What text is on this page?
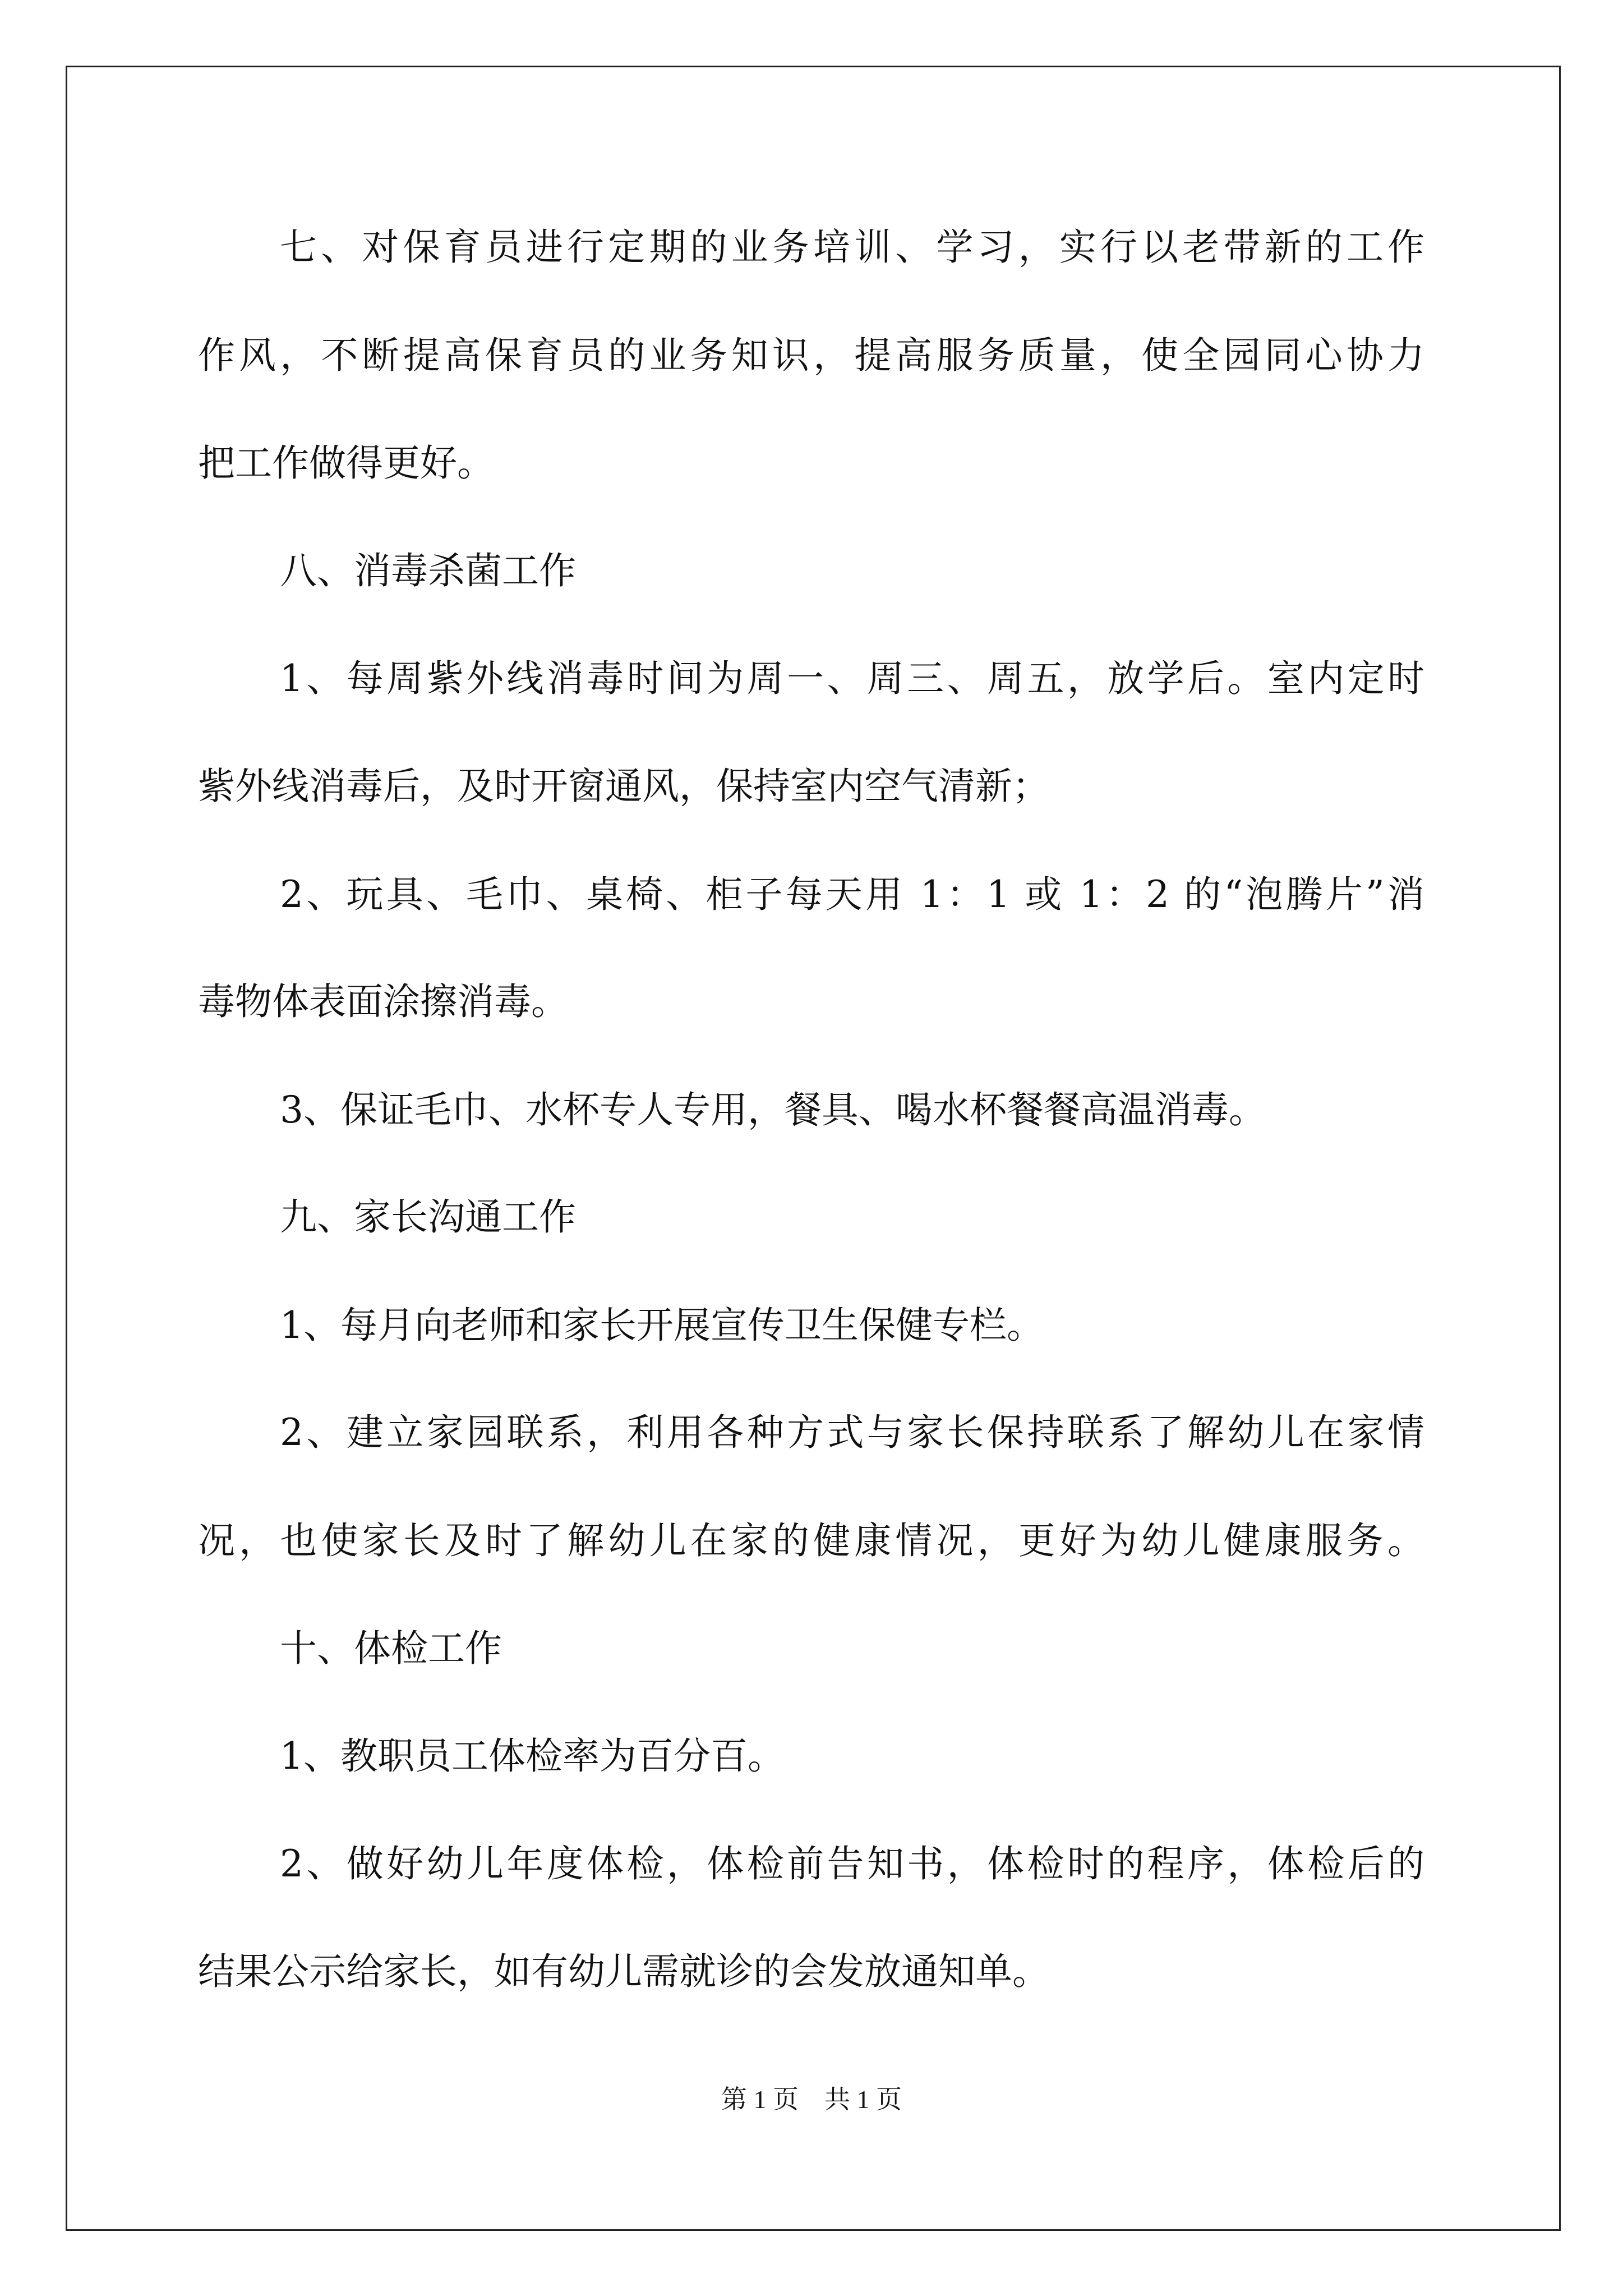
七、对保育员进行定期的业务培训、学习，实行以老带新的工作
作风，不断提高保育员的业务知识，提高服务质量，使全园同心协力
把工作做得更好。
八、消毒杀菌工作
1、每周紫外线消毒时间为周一、周三、周五，放学后。室内定时
紫外线消毒后，及时开窗通风，保持室内空气清新；
2、玩具、毛巾、桌椅、柜子每天用 1：1 或 1：2 的“泡腾片”消
毒物体表面涂擦消毒。
3、保证毛巾、水杯专人专用，餐具、喝水杯餐餐高温消毒。
九、家长沟通工作
1、每月向老师和家长开展宣传卫生保健专栏。
2、建立家园联系，利用各种方式与家长保持联系了解幼儿在家情
况，也使家长及时了解幼儿在家的健康情况，更好为幼儿健康服务。
十、体检工作
1、教职员工体检率为百分百。
2、做好幼儿年度体检，体检前告知书，体检时的程序，体检后的
结果公示给家长，如有幼儿需就诊的会发放通知单。
第 1 页　共 1 页
